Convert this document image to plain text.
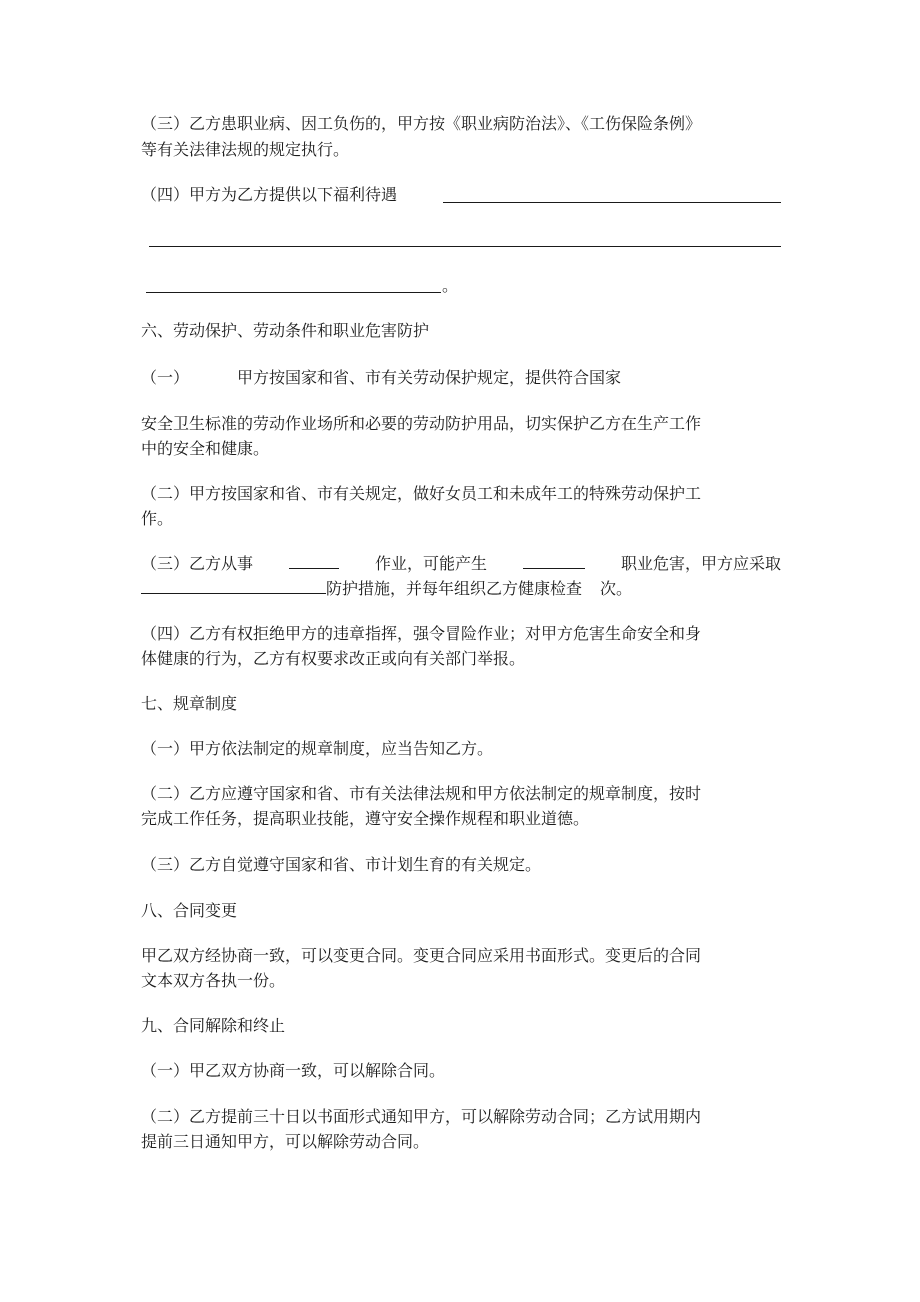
（三）乙方患职业病、因工负伤的，甲方按《职业病防治法》、《工伤保险条例》
等有关法律法规的规定执行。
（四）甲方为乙方提供以下福利待遇
。
六、劳动保护、劳动条件和职业危害防护
（一）	甲方按国家和省、市有关劳动保护规定，提供符合国家
安全卫生标准的劳动作业场所和必要的劳动防护用品，切实保护乙方在生产工作
中的安全和健康。
（二）甲方按国家和省、市有关规定，做好女员工和未成年工的特殊劳动保护工
作。
（三）乙方从事	作业，可能产生	职业危害，甲方应采取
防护措施，并每年组织乙方健康检查 次。
（四）乙方有权拒绝甲方的违章指挥，强令冒险作业；对甲方危害生命安全和身
体健康的行为，乙方有权要求改正或向有关部门举报。
七、规章制度
（一）甲方依法制定的规章制度，应当告知乙方。
（二）乙方应遵守国家和省、市有关法律法规和甲方依法制定的规章制度，按时
完成工作任务，提高职业技能，遵守安全操作规程和职业道德。
（三）乙方自觉遵守国家和省、市计划生育的有关规定。
八、合同变更
甲乙双方经协商一致，可以变更合同。变更合同应采用书面形式。变更后的合同
文本双方各执一份。
九、合同解除和终止
（一）甲乙双方协商一致，可以解除合同。
（二）乙方提前三十日以书面形式通知甲方，可以解除劳动合同；乙方试用期内
提前三日通知甲方，可以解除劳动合同。
